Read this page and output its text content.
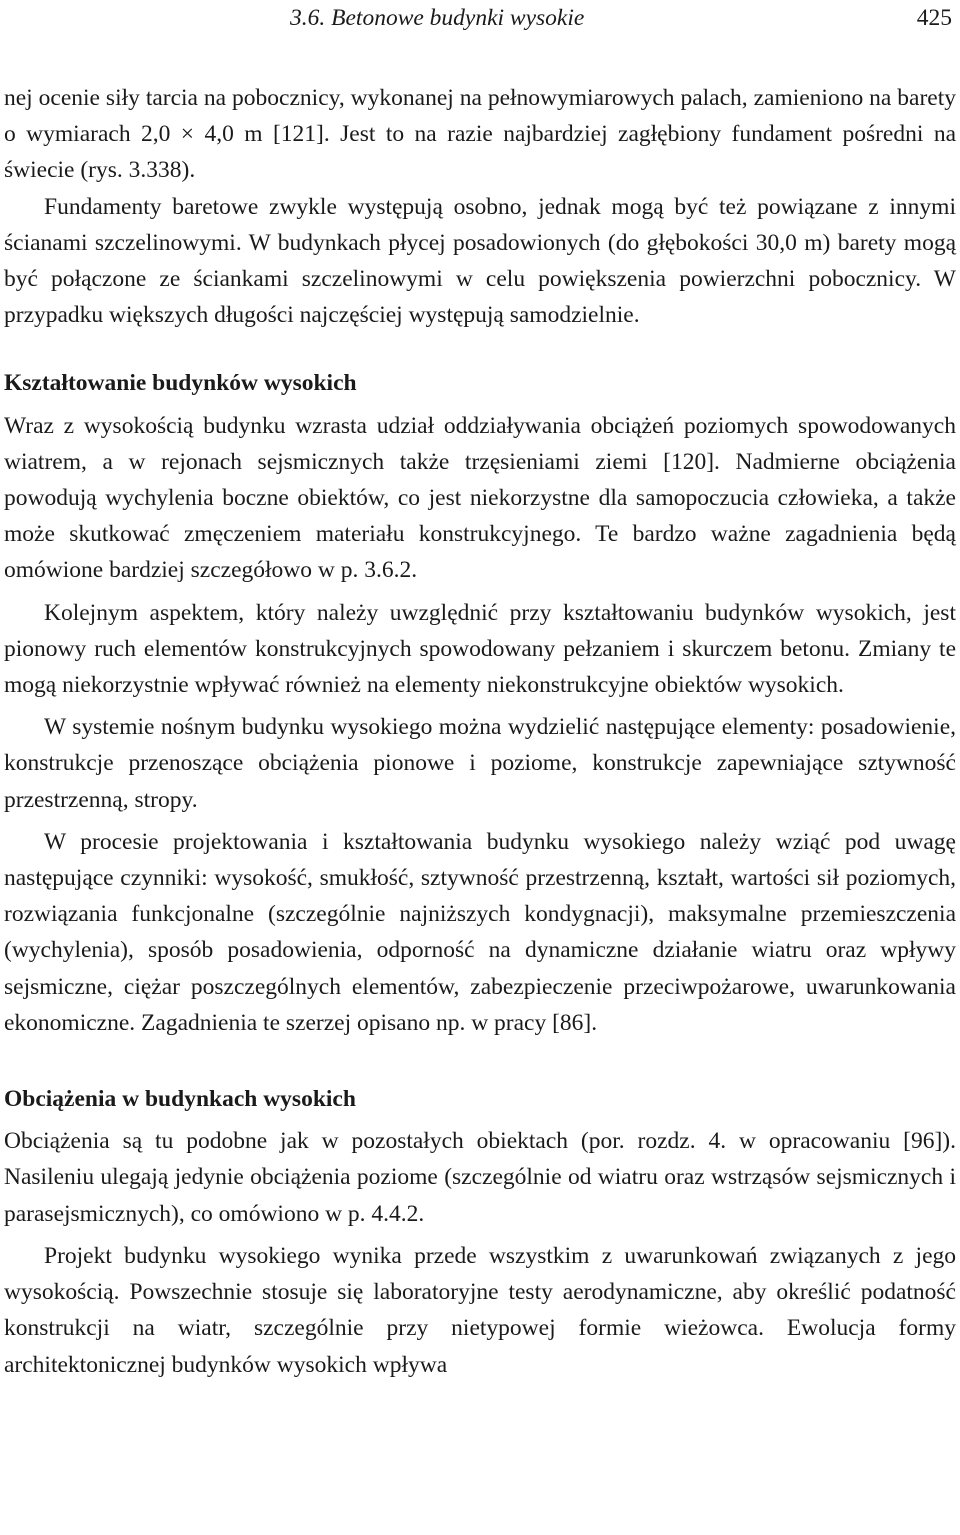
3.6. Betonowe budynki wysokie	425

nej ocenie siły tarcia na pobocznicy, wykonanej na pełnowymiarowych palach, zamieniono na barety o wymiarach 2,0 × 4,0 m [121]. Jest to na razie najbardziej zagłębiony fundament pośredni na świecie (rys. 3.338).

Fundamenty baretowe zwykle występują osobno, jednak mogą być też powiązane z innymi ścianami szczelinowymi. W budynkach płycej posadowionych (do głębokości 30,0 m) barety mogą być połączone ze ściankami szczelinowymi w celu powiększenia powierzchni pobocznicy. W przypadku większych długości najczęściej występują samodzielnie.

Kształtowanie budynków wysokich

Wraz z wysokością budynku wzrasta udział oddziaływania obciążeń poziomych spowodowanych wiatrem, a w rejonach sejsmicznych także trzęsieniami ziemi [120]. Nadmierne obciążenia powodują wychylenia boczne obiektów, co jest niekorzystne dla samopoczucia człowieka, a także może skutkować zmęczeniem materiału konstrukcyjnego. Te bardzo ważne zagadnienia będą omówione bardziej szczegółowo w p. 3.6.2.

Kolejnym aspektem, który należy uwzględnić przy kształtowaniu budynków wysokich, jest pionowy ruch elementów konstrukcyjnych spowodowany pełzaniem i skurczem betonu. Zmiany te mogą niekorzystnie wpływać również na elementy niekonstrukcyjne obiektów wysokich.

W systemie nośnym budynku wysokiego można wydzielić następujące elementy: posadowienie, konstrukcje przenoszące obciążenia pionowe i poziome, konstrukcje zapewniające sztywność przestrzenną, stropy.

W procesie projektowania i kształtowania budynku wysokiego należy wziąć pod uwagę następujące czynniki: wysokość, smukłość, sztywność przestrzenną, kształt, wartości sił poziomych, rozwiązania funkcjonalne (szczególnie najniższych kondygnacji), maksymalne przemieszczenia (wychylenia), sposób posadowienia, odporność na dynamiczne działanie wiatru oraz wpływy sejsmiczne, ciężar poszczególnych elementów, zabezpieczenie przeciwpożarowe, uwarunkowania ekonomiczne. Zagadnienia te szerzej opisano np. w pracy [86].

Obciążenia w budynkach wysokich

Obciążenia są tu podobne jak w pozostałych obiektach (por. rozdz. 4. w opracowaniu [96]). Nasileniu ulegają jedynie obciążenia poziome (szczególnie od wiatru oraz wstrząsów sejsmicznych i parasejsmicznych), co omówiono w p. 4.4.2.

Projekt budynku wysokiego wynika przede wszystkim z uwarunkowań związanych z jego wysokością. Powszechnie stosuje się laboratoryjne testy aerodynamiczne, aby określić podatność konstrukcji na wiatr, szczególnie przy nietypowej formie wieżowca. Ewolucja formy architektonicznej budynków wysokich wpływa
